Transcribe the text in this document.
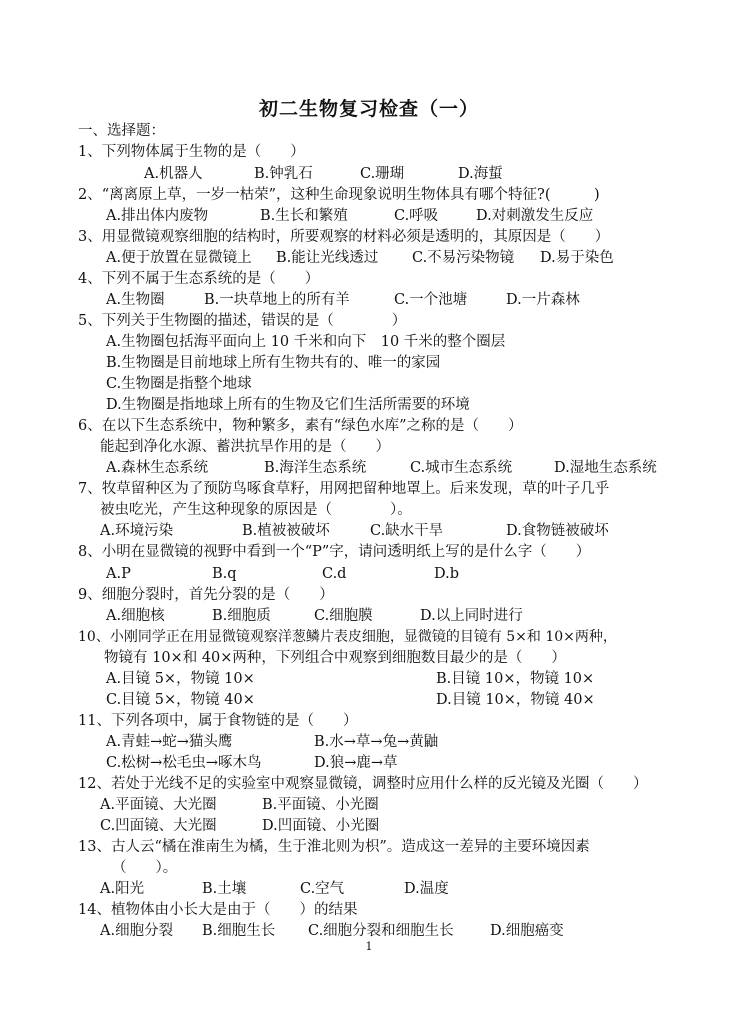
初二生物复习检查（一）
一、选择题：
1、下列物体属于生物的是（　　）
A.机器人	B.钟乳石	C.珊瑚	D.海蜇
2、“离离原上草，一岁一枯荣”，这种生命现象说明生物体具有哪个特征?(　　　)
A.排出体内废物	B.生长和繁殖	C.呼吸	D.对刺激发生反应
3、用显微镜观察细胞的结构时，所要观察的材料必须是透明的，其原因是（　　）
A.便于放置在显微镜上 B.能让光线透过 C.不易污染物镜 D.易于染色
4、下列不属于生态系统的是（　　）
A.生物圈	B.一块草地上的所有羊	C.一个池塘	D.一片森林
5、下列关于生物圈的描述，错误的是（　　　　）
A.生物圈包括海平面向上 10 千米和向下　10 千米的整个圈层
B.生物圈是目前地球上所有生物共有的、唯一的家园
C.生物圈是指整个地球
D.生物圈是指地球上所有的生物及它们生活所需要的环境
6、在以下生态系统中，物种繁多，素有“绿色水库”之称的是（　　）
能起到净化水源、蓄洪抗旱作用的是（　　）
A.森林生态系统	B.海洋生态系统	C.城市生态系统	D.湿地生态系统
7、牧草留种区为了预防鸟啄食草籽，用网把留种地罩上。后来发现，草的叶子几乎
被虫吃光，产生这种现象的原因是（　　　　）。
A.环境污染	B.植被被破坏	C.缺水干旱	D.食物链被破坏
8、小明在显微镜的视野中看到一个“P”字，请问透明纸上写的是什么字（　　）
A.P	B.q	C.d	D.b
9、细胞分裂时，首先分裂的是（　　）
A.细胞核	B.细胞质	C.细胞膜	D.以上同时进行
10、小刚同学正在用显微镜观察洋葱鳞片表皮细胞，显微镜的目镜有 5×和 10×两种，
物镜有 10×和 40×两种，下列组合中观察到细胞数目最少的是（　　）
A.目镜 5×，物镜 10×	B.目镜 10×，物镜 10×
C.目镜 5×，物镜 40×	D.目镜 10×，物镜 40×
11、下列各项中，属于食物链的是（　　）
A.青蛙→蛇→猫头鹰	B.水→草→兔→黄鼬
C.松树→松毛虫→啄木鸟	D.狼→鹿→草
12、若处于光线不足的实验室中观察显微镜，调整时应用什么样的反光镜及光圈（　　）
A.平面镜、大光圈	B.平面镜、小光圈
C.凹面镜、大光圈	D.凹面镜、小光圈
13、古人云“橘在淮南生为橘，生于淮北则为枳”。造成这一差异的主要环境因素
（　　）。
A.阳光	B.土壤	C.空气	D.温度
14、植物体由小长大是由于（　　）的结果
A.细胞分裂 B.细胞生长 C.细胞分裂和细胞生长	D.细胞癌变
1
